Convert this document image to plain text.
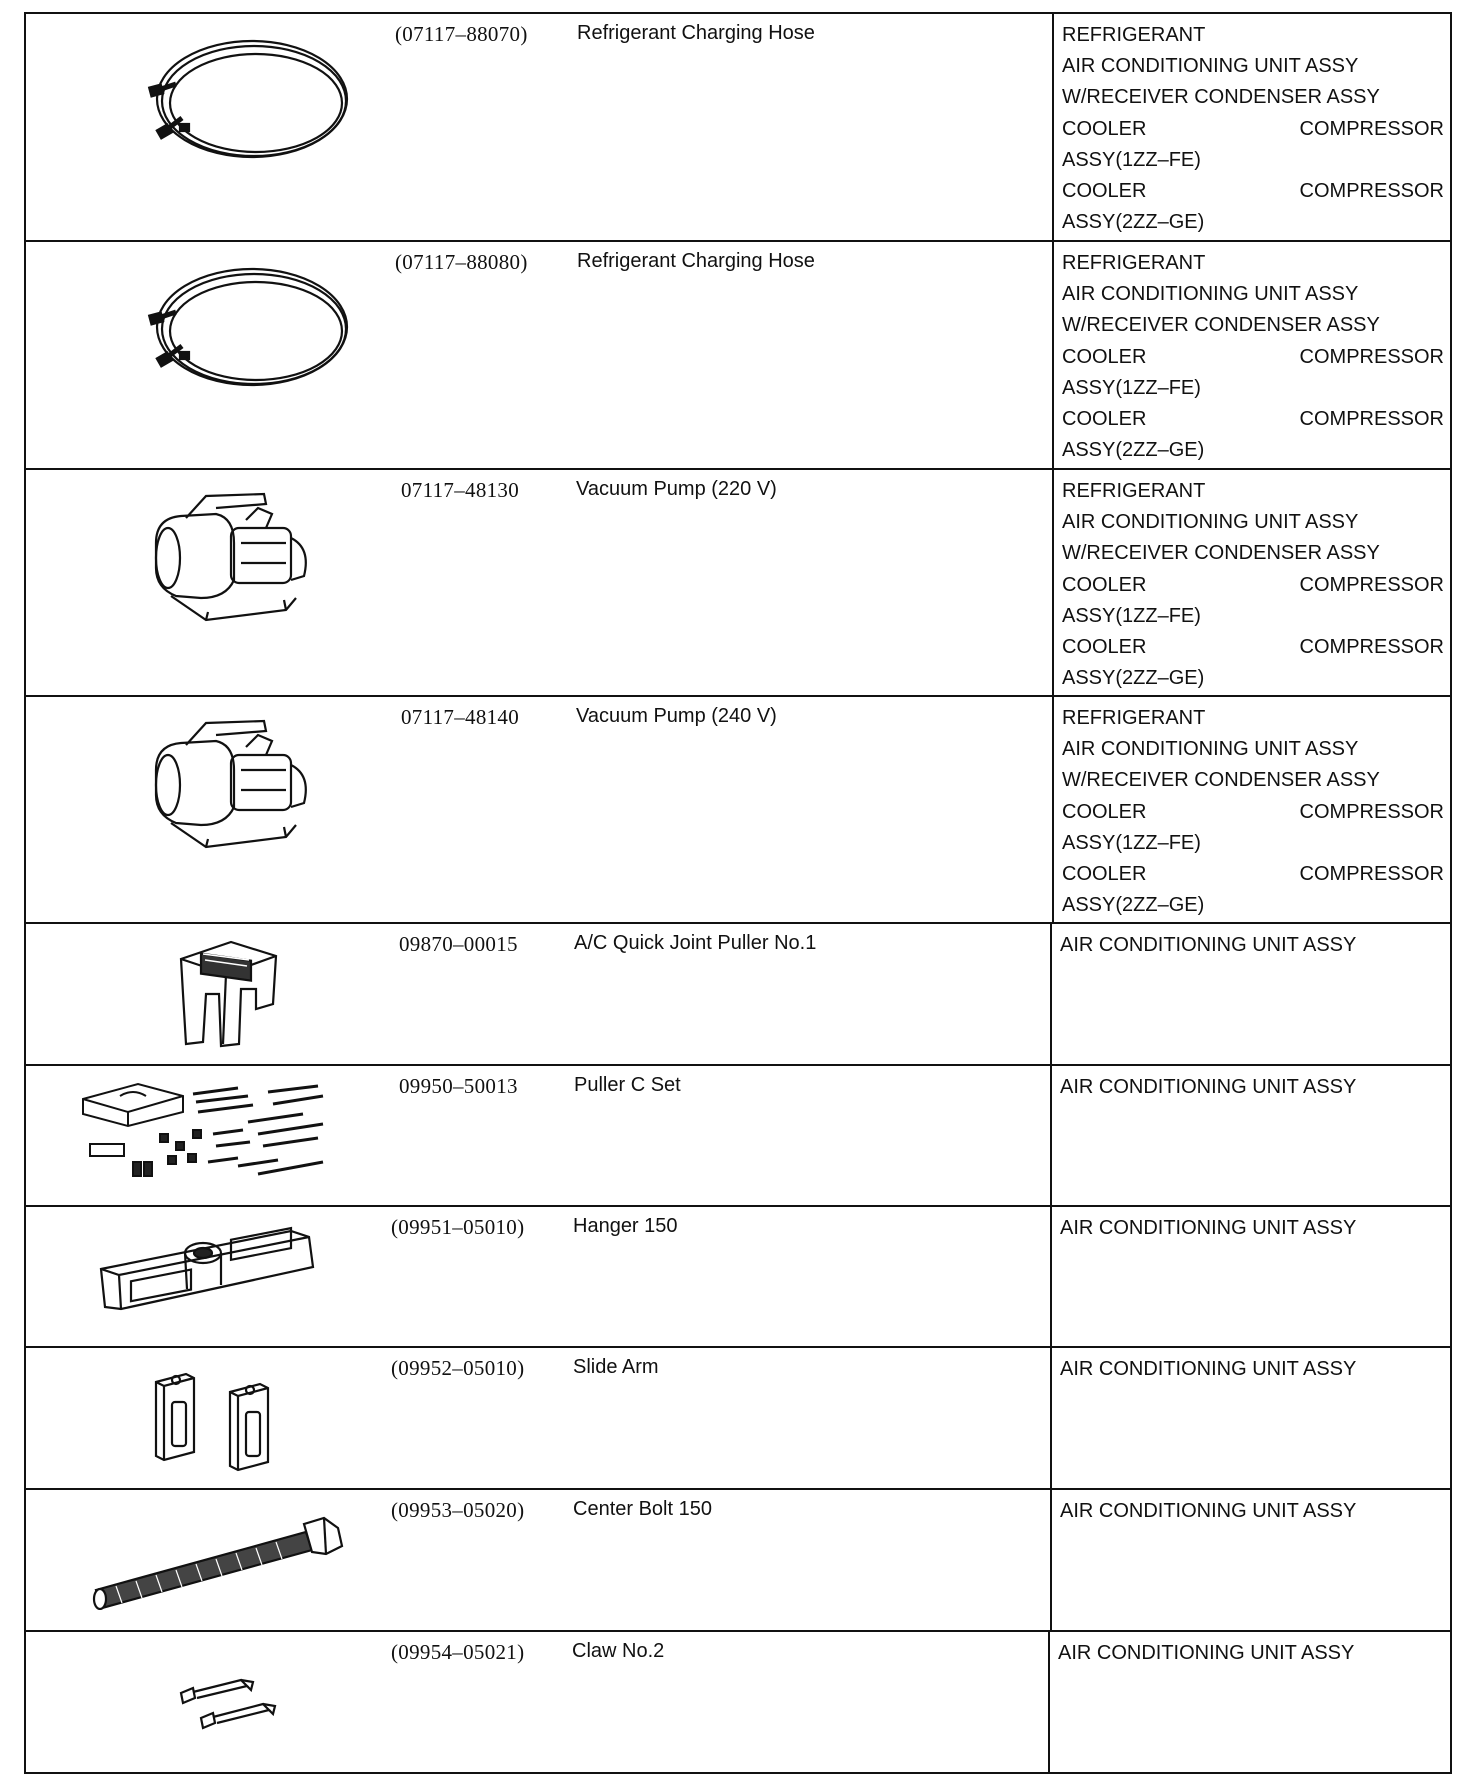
(07117–88070) Refrigerant Charging Hose	REFRIGERANT
AIR CONDITIONING UNIT ASSY
W/RECEIVER CONDENSER ASSY
COOLER	COMPRESSOR
ASSY(1ZZ–FE)
COOLER	COMPRESSOR
ASSY(2ZZ–GE)
(07117–88080) Refrigerant Charging Hose	REFRIGERANT
AIR CONDITIONING UNIT ASSY
W/RECEIVER CONDENSER ASSY
COOLER	COMPRESSOR
ASSY(1ZZ–FE)
COOLER	COMPRESSOR
ASSY(2ZZ–GE)
07117–48130	Vacuum Pump (220 V)	REFRIGERANT
AIR CONDITIONING UNIT ASSY
W/RECEIVER CONDENSER ASSY
COOLER	COMPRESSOR
ASSY(1ZZ–FE)
COOLER	COMPRESSOR
ASSY(2ZZ–GE)
07117–48140	Vacuum Pump (240 V)	REFRIGERANT
AIR CONDITIONING UNIT ASSY
W/RECEIVER CONDENSER ASSY
COOLER	COMPRESSOR
ASSY(1ZZ–FE)
COOLER	COMPRESSOR
ASSY(2ZZ–GE)
09870–00015	A/C Quick Joint Puller No.1	AIR CONDITIONING UNIT ASSY
09950–50013	Puller C Set	AIR CONDITIONING UNIT ASSY
(09951–05010) Hanger 150	AIR CONDITIONING UNIT ASSY
(09952–05010) Slide Arm	AIR CONDITIONING UNIT ASSY
(09953–05020) Center Bolt 150	AIR CONDITIONING UNIT ASSY
(09954–05021) Claw No.2	AIR CONDITIONING UNIT ASSY
